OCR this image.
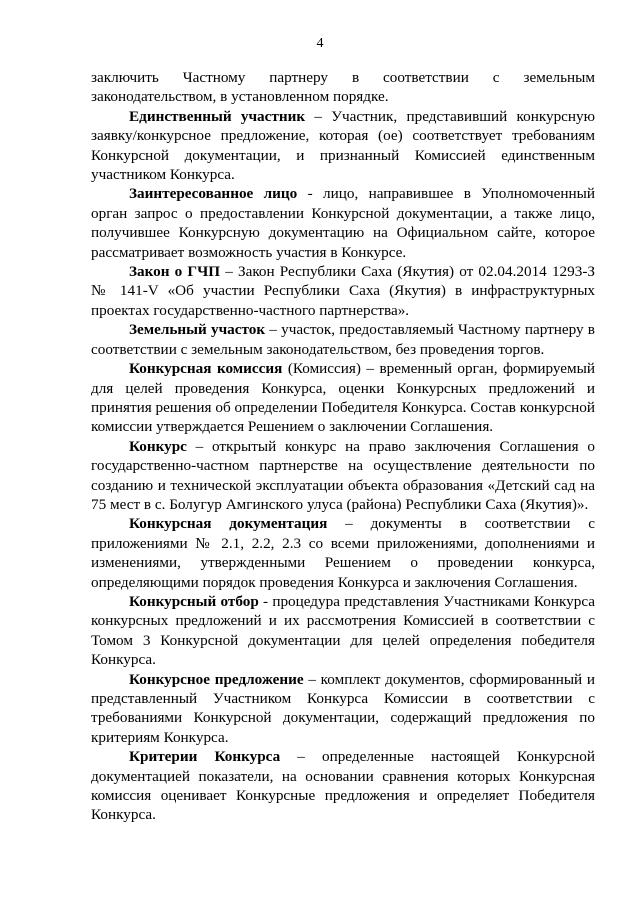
4

заключить Частному партнеру в соответствии с земельным законодательством, в установленном порядке.

Единственный участник – Участник, представивший конкурсную заявку/конкурсное предложение, которая (ое) соответствует требованиям Конкурсной документации, и признанный Комиссией единственным участником Конкурса.

Заинтересованное лицо - лицо, направившее в Уполномоченный орган запрос о предоставлении Конкурсной документации, а также лицо, получившее Конкурсную документацию на Официальном сайте, которое рассматривает возможность участия в Конкурсе.

Закон о ГЧП – Закон Республики Саха (Якутия) от 02.04.2014 1293-З № 141-V «Об участии Республики Саха (Якутия) в инфраструктурных проектах государственно-частного партнерства».

Земельный участок – участок, предоставляемый Частному партнеру в соответствии с земельным законодательством, без проведения торгов.

Конкурсная комиссия (Комиссия) – временный орган, формируемый для целей проведения Конкурса, оценки Конкурсных предложений и принятия решения об определении Победителя Конкурса. Состав конкурсной комиссии утверждается Решением о заключении Соглашения.

Конкурс – открытый конкурс на право заключения Соглашения о государственно-частном партнерстве на осуществление деятельности по созданию и технической эксплуатации объекта образования «Детский сад на 75 мест в с. Болугур Амгинского улуса (района) Республики Саха (Якутия)».

Конкурсная документация – документы в соответствии с приложениями № 2.1, 2.2, 2.3 со всеми приложениями, дополнениями и изменениями, утвержденными Решением о проведении конкурса, определяющими порядок проведения Конкурса и заключения Соглашения.

Конкурсный отбор - процедура представления Участниками Конкурса конкурсных предложений и их рассмотрения Комиссией в соответствии с Томом 3 Конкурсной документации для целей определения победителя Конкурса.

Конкурсное предложение – комплект документов, сформированный и представленный Участником Конкурса Комиссии в соответствии с требованиями Конкурсной документации, содержащий предложения по критериям Конкурса.

Критерии Конкурса – определенные настоящей Конкурсной документацией показатели, на основании сравнения которых Конкурсная комиссия оценивает Конкурсные предложения и определяет Победителя Конкурса.
